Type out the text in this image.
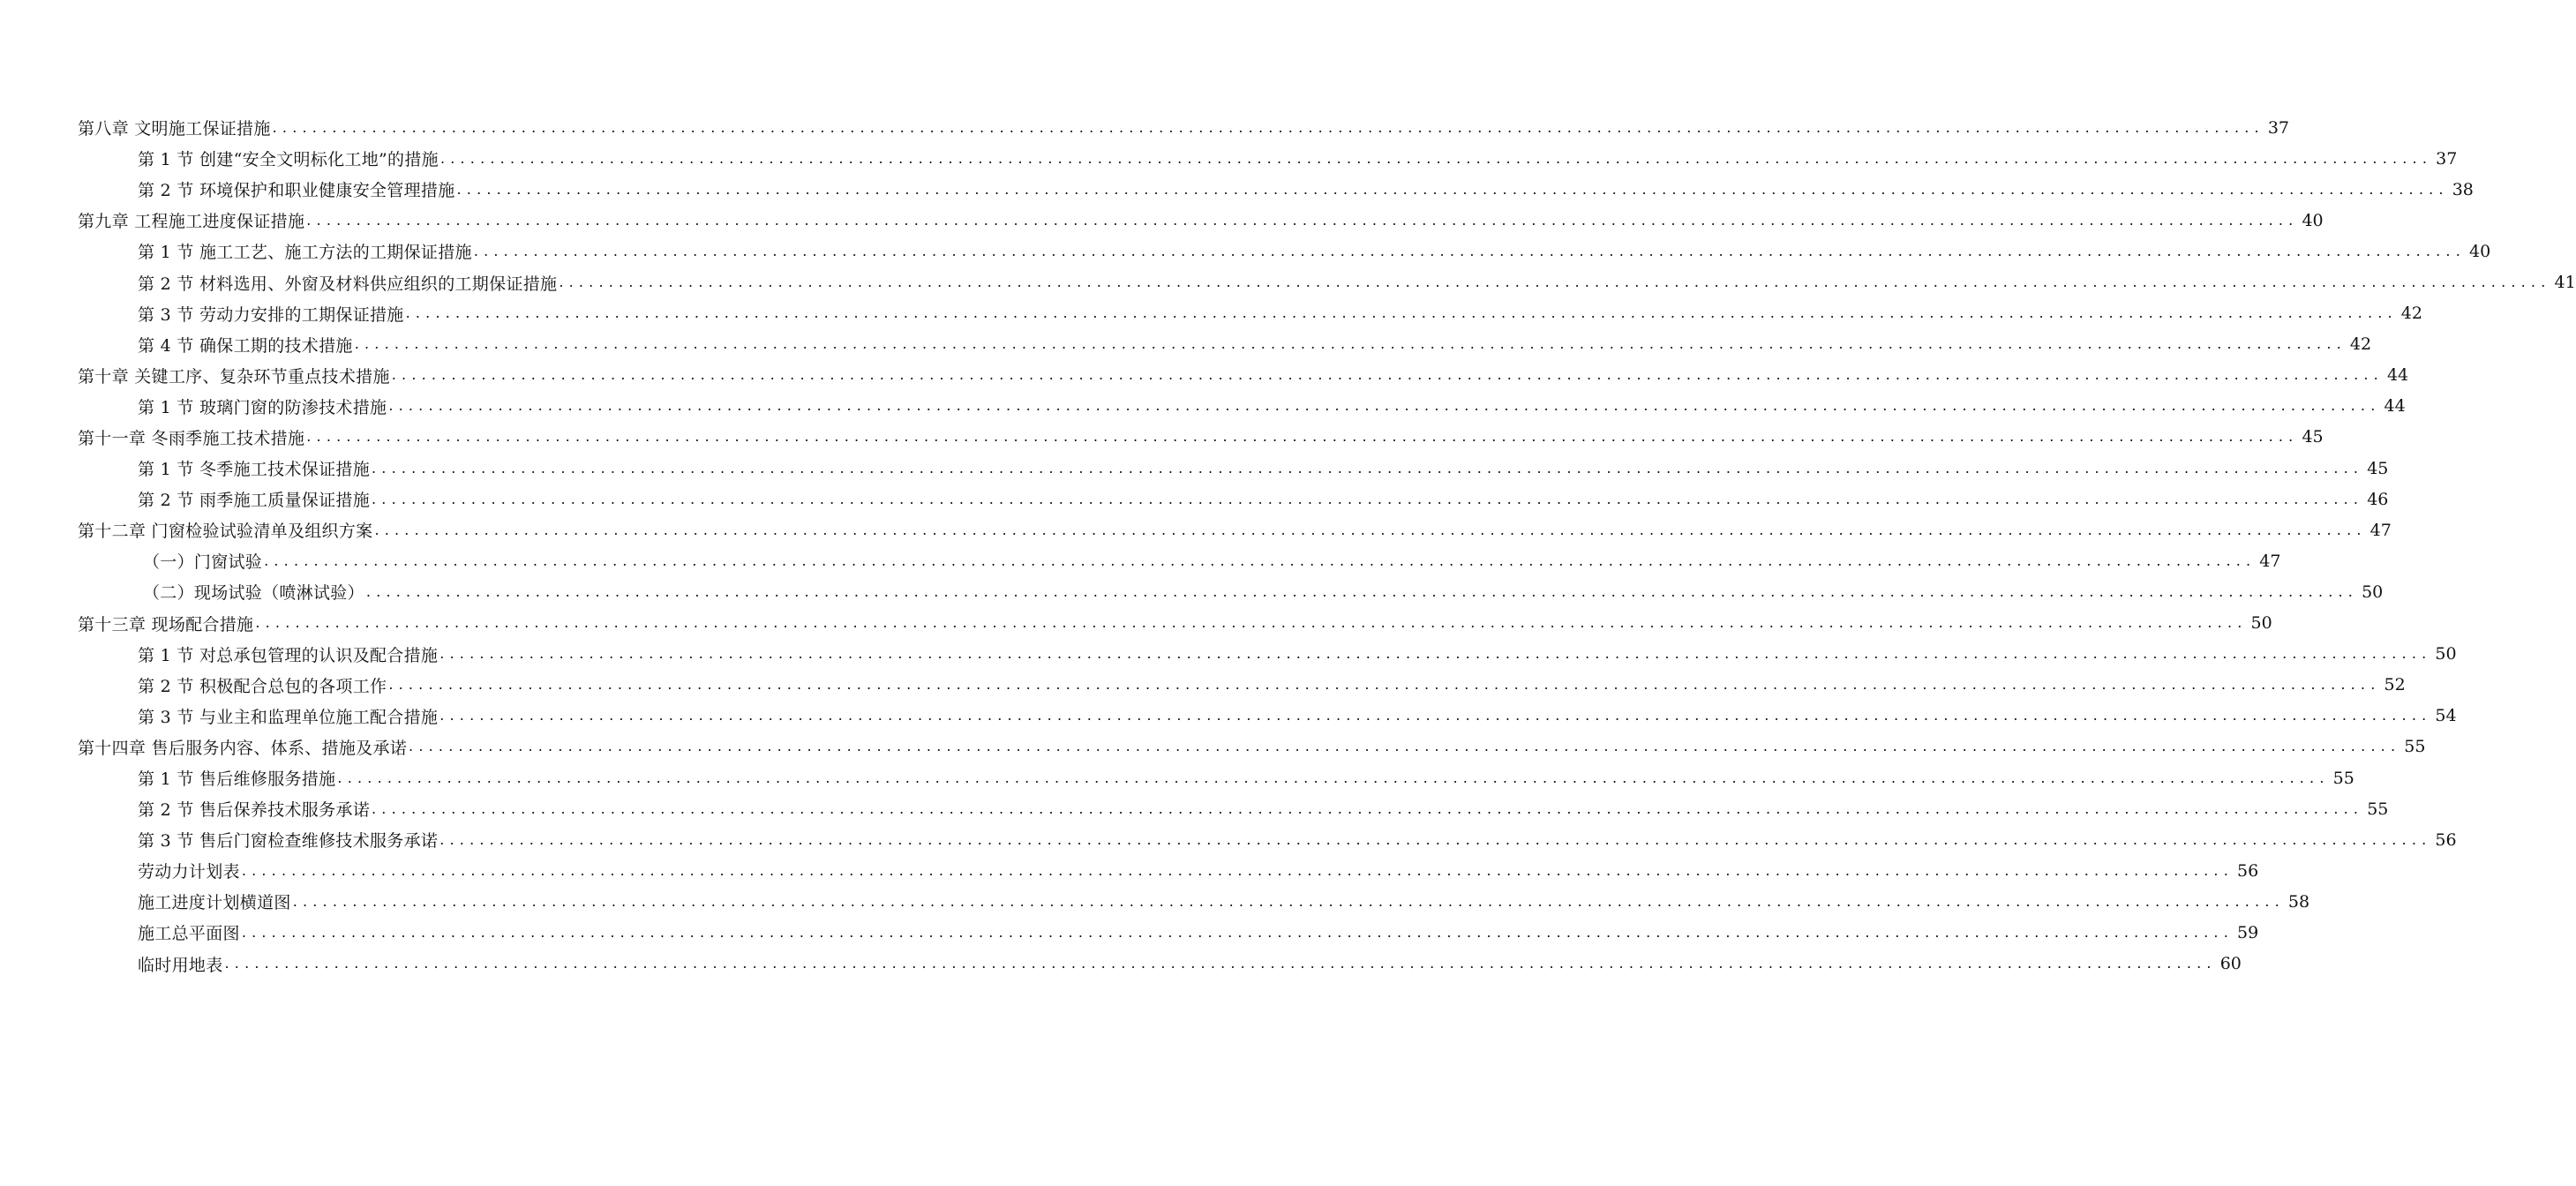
第八章 文明施工保证措施 ........................................................................................................................................................................................................ 37
第 1 节 创建“安全文明标化工地”的措施 ........................................................................................................................................................................................................ 37
第 2 节 环境保护和职业健康安全管理措施 ........................................................................................................................................................................................................ 38
第九章 工程施工进度保证措施 ........................................................................................................................................................................................................ 40
第 1 节 施工工艺、施工方法的工期保证措施 ........................................................................................................................................................................................................ 40
第 2 节 材料选用、外窗及材料供应组织的工期保证措施 ........................................................................................................................................................................................................ 41
第 3 节 劳动力安排的工期保证措施 ........................................................................................................................................................................................................ 42
第 4 节 确保工期的技术措施 ........................................................................................................................................................................................................ 42
第十章 关键工序、复杂环节重点技术措施 ........................................................................................................................................................................................................ 44
第 1 节 玻璃门窗的防渗技术措施 ........................................................................................................................................................................................................ 44
第十一章 冬雨季施工技术措施 ........................................................................................................................................................................................................ 45
第 1 节 冬季施工技术保证措施 ........................................................................................................................................................................................................ 45
第 2 节 雨季施工质量保证措施 ........................................................................................................................................................................................................ 46
第十二章 门窗检验试验清单及组织方案 ........................................................................................................................................................................................................ 47
（一）门窗试验 ........................................................................................................................................................................................................ 47
（二）现场试验（喷淋试验） ........................................................................................................................................................................................................ 50
第十三章 现场配合措施 ........................................................................................................................................................................................................ 50
第 1 节 对总承包管理的认识及配合措施 ........................................................................................................................................................................................................ 50
第 2 节 积极配合总包的各项工作 ........................................................................................................................................................................................................ 52
第 3 节 与业主和监理单位施工配合措施 ........................................................................................................................................................................................................ 54
第十四章 售后服务内容、体系、措施及承诺 ........................................................................................................................................................................................................ 55
第 1 节 售后维修服务措施 ........................................................................................................................................................................................................ 55
第 2 节 售后保养技术服务承诺 ........................................................................................................................................................................................................ 55
第 3 节 售后门窗检查维修技术服务承诺 ........................................................................................................................................................................................................ 56
劳动力计划表 ........................................................................................................................................................................................................ 56
施工进度计划横道图 ........................................................................................................................................................................................................ 58
施工总平面图 ........................................................................................................................................................................................................ 59
临时用地表 ........................................................................................................................................................................................................ 60
